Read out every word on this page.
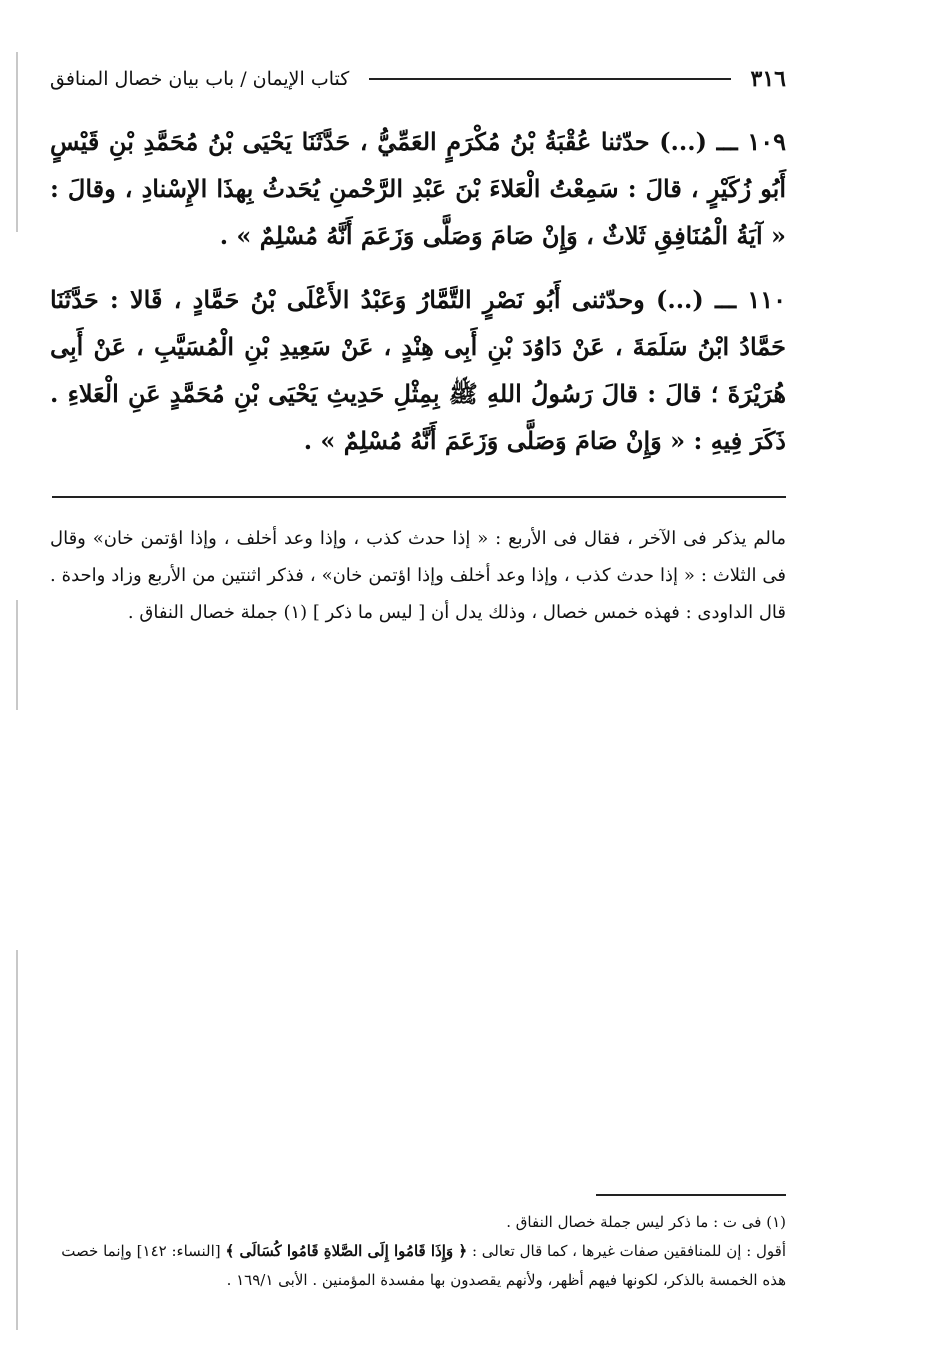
٣١٦
كتاب الإيمان / باب بيان خصال المنافق

١٠٩ ـــ (...) حدّثنا عُقْبَةُ بْنُ مُكْرَمٍ العَمِّيُّ ، حَدَّثَنَا يَحْيَى بْنُ مُحَمَّدِ بْنِ قَيْسٍ أَبُو زُكَيْرٍ ، قالَ : سَمِعْتُ الْعَلاءَ بْنَ عَبْدِ الرَّحْمنِ يُحَدثُ بِهذَا الإِسْنادِ ، وقالَ : « آيَةُ الْمُنَافِقِ ثَلاثٌ ، وَإِنْ صَامَ وَصَلَّى وَزَعَمَ أَنَّهُ مُسْلِمٌ » .

١١٠ ـــ (...) وحدّثنى أَبُو نَصْرٍ التَّمَّارُ وَعَبْدُ الأَعْلَى بْنُ حَمَّادٍ ، قَالا : حَدَّثَنَا حَمَّادُ ابْنُ سَلَمَةَ ، عَنْ دَاوُدَ بْنِ أَبِى هِنْدٍ ، عَنْ سَعِيدِ بْنِ الْمُسَيَّبِ ، عَنْ أَبِى هُرَيْرَةَ ؛ قالَ : قالَ رَسُولُ اللهِ ﷺ بِمِثْلِ حَدِيثِ يَحْيَى بْنِ مُحَمَّدٍ عَنِ الْعَلاءِ . ذَكَرَ فِيهِ : « وَإِنْ صَامَ وَصَلَّى وَزَعَمَ أَنَّهُ مُسْلِمٌ » .

مالم يذكر فى الآخر ، فقال فى الأربع : « إذا حدث كذب ، وإذا وعد أخلف ، وإذا اؤتمن خان» وقال فى الثلاث : « إذا حدث كذب ، وإذا وعد أخلف وإذا اؤتمن خان» ، فذكر اثنتين من الأربع وزاد واحدة . قال الداودى : فهذه خمس خصال ، وذلك يدل أن [ ليس ما ذكر ] (١) جملة خصال النفاق .

(١) فى ت : ما ذكر ليس جملة خصال النفاق .

أقول : إن للمنافقين صفات غيرها ، كما قال تعالى : ﴿ وَإِذَا قَامُوا إِلَى الصَّلاةِ قَامُوا كُسَالَى ﴾ [النساء: ١٤٢] وإنما خصت هذه الخمسة بالذكر، لكونها فيهم أظهر، ولأنهم يقصدون بها مفسدة المؤمنين . الأبى ١٦٩/١ .
